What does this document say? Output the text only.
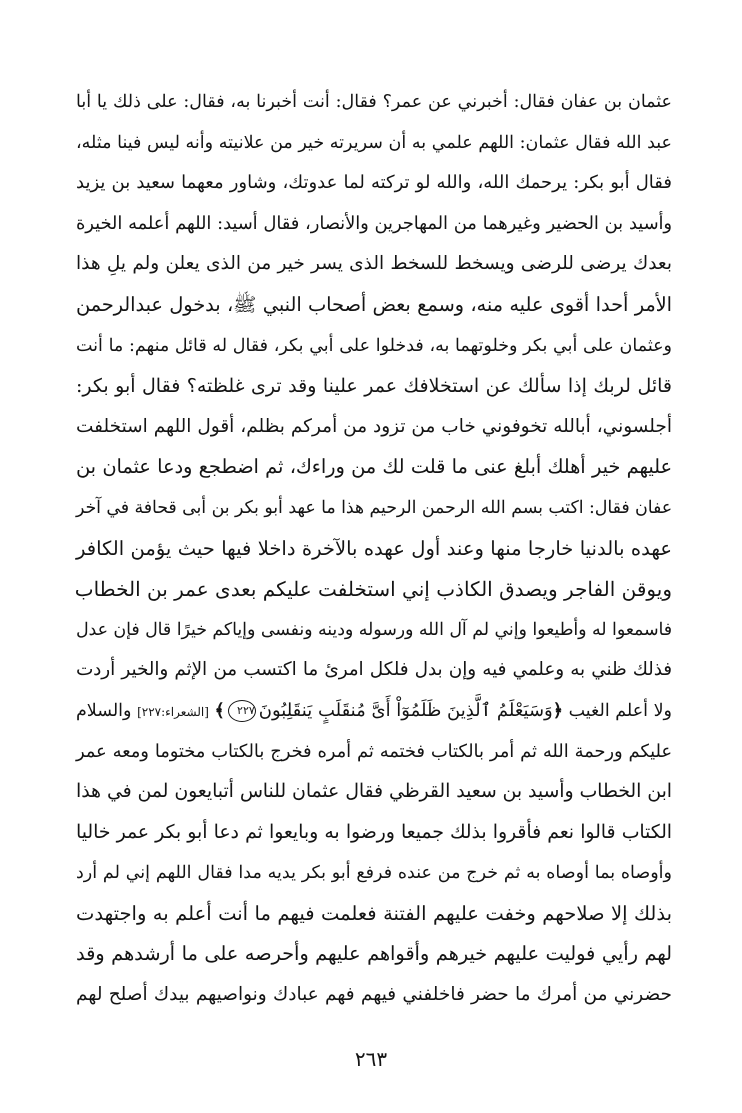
عثمان بن عفان فقال: أخبرني عن عمر؟ فقال: أنت أخبرنا به، فقال: على ذلك يا أبا
عبد الله فقال عثمان: اللهم علمي به أن سريرته خير من علانيته وأنه ليس فينا مثله،
فقال أبو بكر: يرحمك الله، والله لو تركته لما عدوتك، وشاور معهما سعيد بن يزيد
وأسيد بن الحضير وغيرهما من المهاجرين والأنصار، فقال أسيد: اللهم أعلمه الخيرة
بعدك يرضى للرضى ويسخط للسخط الذى يسر خير من الذى يعلن ولم يلِ هذا
الأمر أحدا أقوى عليه منه، وسمع بعض أصحاب النبي ﷺ، بدخول عبدالرحمن
وعثمان على أبي بكر وخلوتهما به، فدخلوا على أبي بكر، فقال له قائل منهم: ما أنت
قائل لربك إذا سألك عن استخلافك عمر علينا وقد ترى غلظته؟ فقال أبو بكر:
أجلسوني، أبالله تخوفوني خاب من تزود من أمركم بظلم، أقول اللهم استخلفت
عليهم خير أهلك أبلغ عنى ما قلت لك من وراءك، ثم اضطجع ودعا عثمان بن
عفان فقال: اكتب بسم الله الرحمن الرحيم هذا ما عهد أبو بكر بن أبى قحافة في آخر
عهده بالدنيا خارجا منها وعند أول عهده بالآخرة داخلا فيها حيث يؤمن الكافر
ويوقن الفاجر ويصدق الكاذب إني استخلفت عليكم بعدى عمر بن الخطاب
فاسمعوا له وأطيعوا وإني لم آل الله ورسوله ودينه ونفسى وإياكم خيرًا قال فإن عدل
فذلك ظني به وعلمي فيه وإن بدل فلكل امرئ ما اكتسب من الإثم والخير أردت
ولا أعلم الغيب ﴿وَسَيَعْلَمُ ٱلَّذِينَ ظَلَمُوٓاْ أَىَّ مُنقَلَبٍ يَنقَلِبُونَ٢٢٧﴾ [الشعراء:٢٢٧] والسلام
عليكم ورحمة الله ثم أمر بالكتاب فختمه ثم أمره فخرج بالكتاب مختوما ومعه عمر
ابن الخطاب وأسيد بن سعيد القرظي فقال عثمان للناس أتبايعون لمن في هذا
الكتاب قالوا نعم فأقروا بذلك جميعا ورضوا به وبايعوا ثم دعا أبو بكر عمر خاليا
وأوصاه بما أوصاه به ثم خرج من عنده فرفع أبو بكر يديه مدا فقال اللهم إني لم أرد
بذلك إلا صلاحهم وخفت عليهم الفتنة فعلمت فيهم ما أنت أعلم به واجتهدت
لهم رأيي فوليت عليهم خيرهم وأقواهم عليهم وأحرصه على ما أرشدهم وقد
حضرني من أمرك ما حضر فاخلفني فيهم فهم عبادك ونواصيهم بيدك أصلح لهم
٢٦٣
